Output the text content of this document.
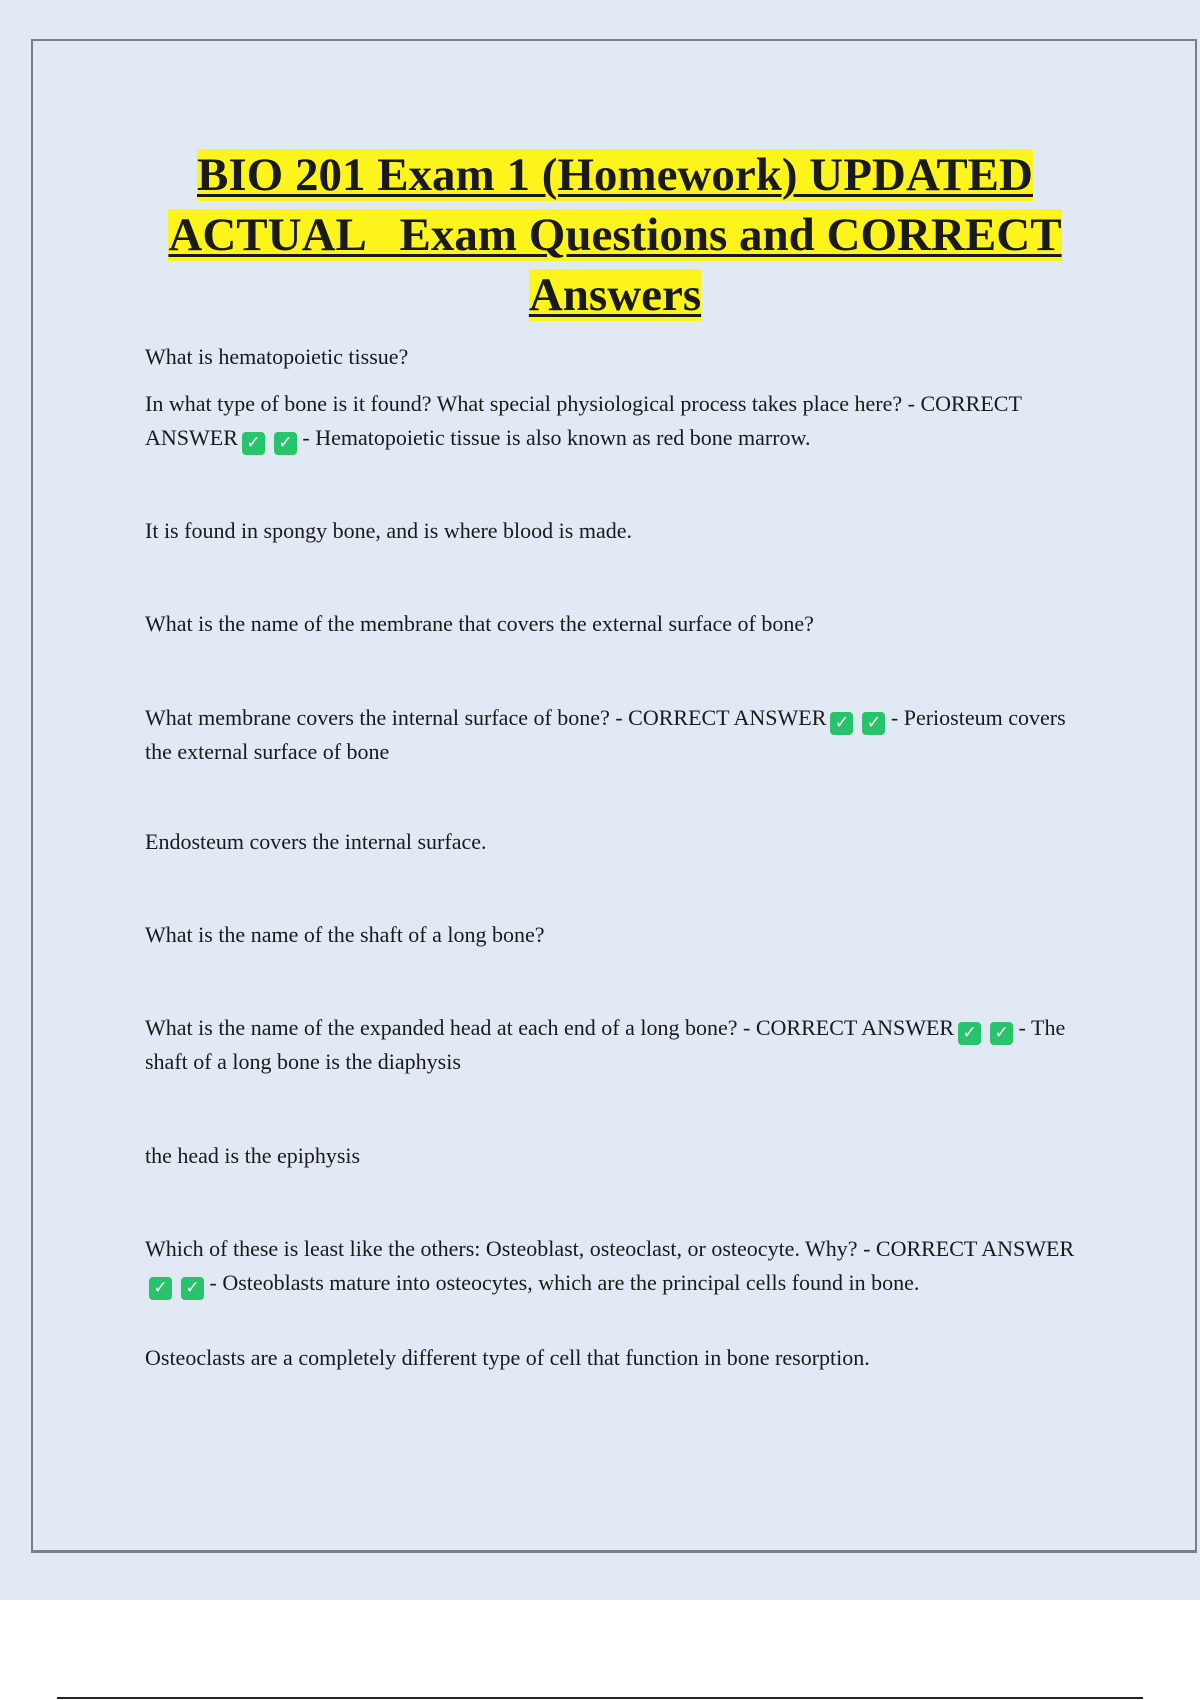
BIO 201 Exam 1 (Homework) UPDATED
ACTUAL   Exam Questions and CORRECT
Answers

What is hematopoietic tissue?

In what type of bone is it found? What special physiological process takes place here? - CORRECT ANSWER ✓ ✓ - Hematopoietic tissue is also known as red bone marrow.

It is found in spongy bone, and is where blood is made.

What is the name of the membrane that covers the external surface of bone?

What membrane covers the internal surface of bone? - CORRECT ANSWER ✓ ✓ - Periosteum covers the external surface of bone

Endosteum covers the internal surface.

What is the name of the shaft of a long bone?

What is the name of the expanded head at each end of a long bone? - CORRECT ANSWER ✓ ✓ - The shaft of a long bone is the diaphysis

the head is the epiphysis

Which of these is least like the others: Osteoblast, osteoclast, or osteocyte. Why? - CORRECT ANSWER✓ ✓ - Osteoblasts mature into osteocytes, which are the principal cells found in bone.

Osteoclasts are a completely different type of cell that function in bone resorption.
